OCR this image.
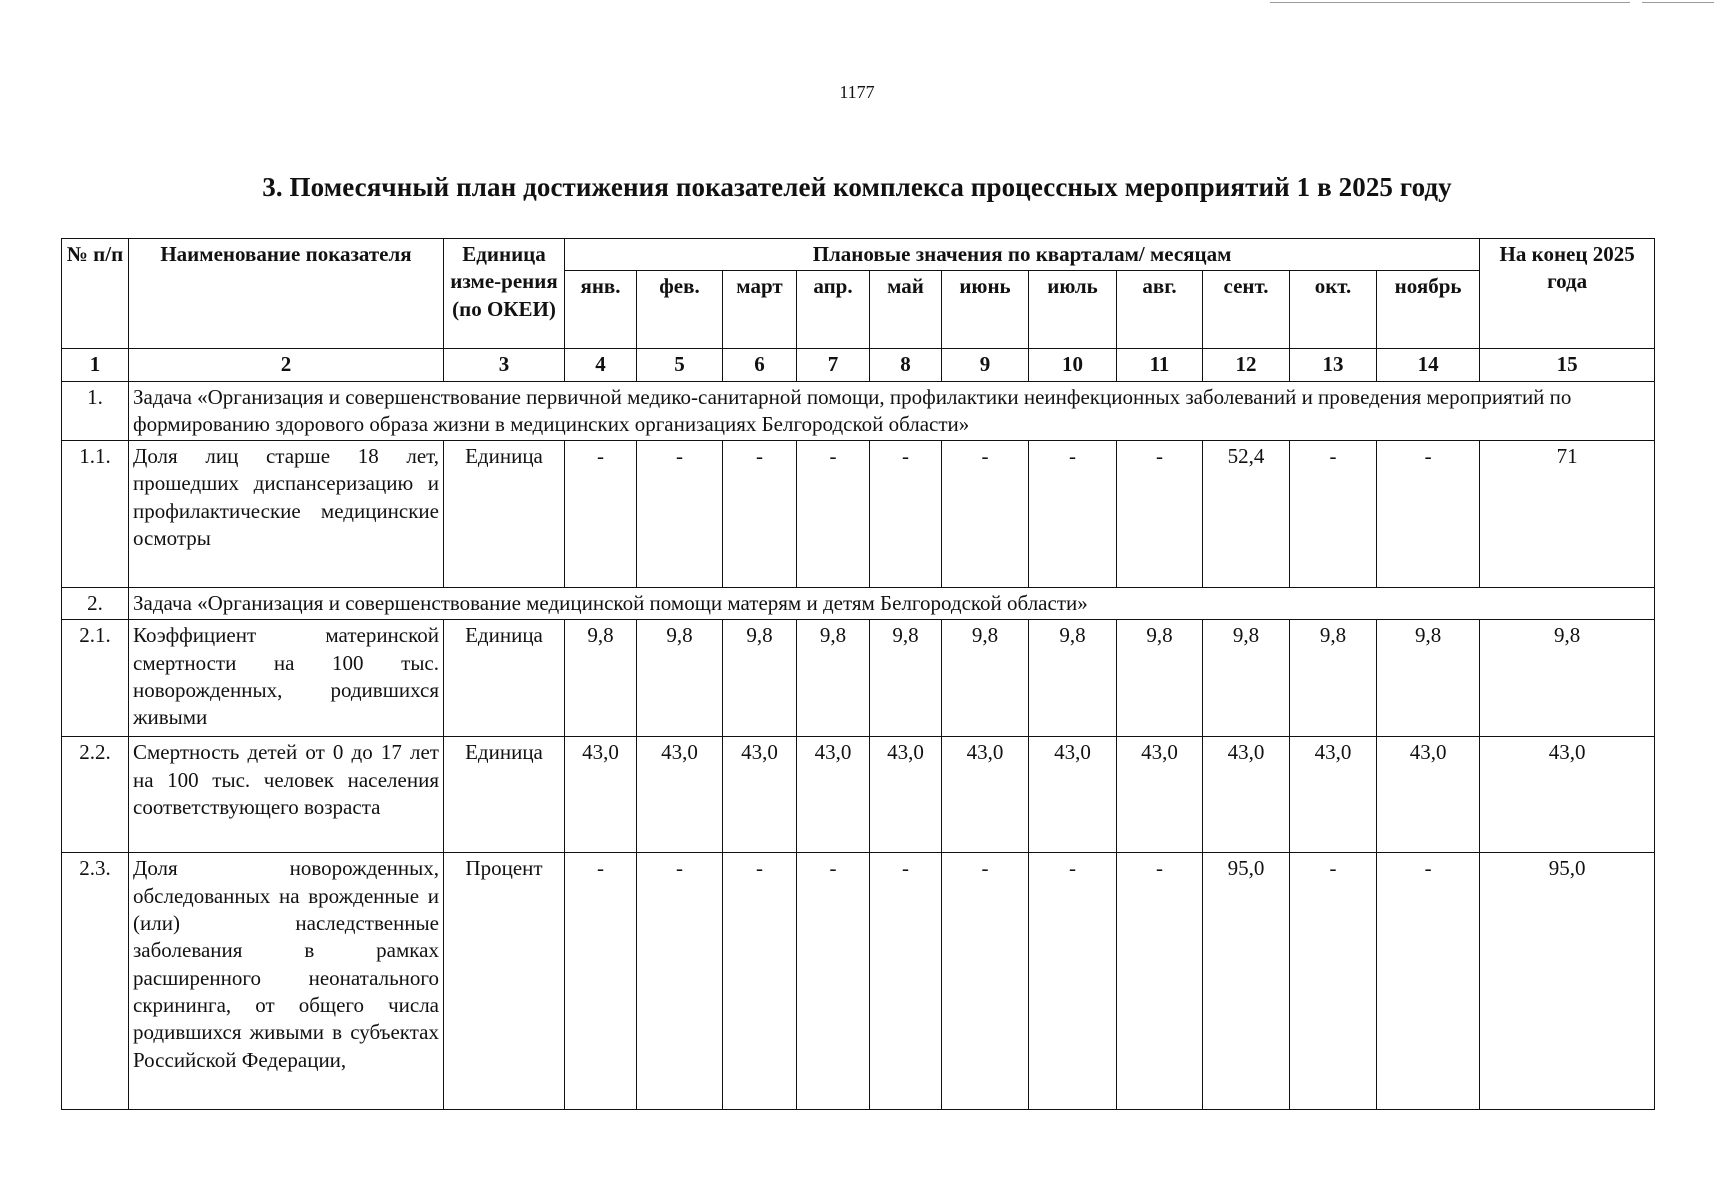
1177
3. Помесячный план достижения показателей комплекса процессных мероприятий 1 в 2025 году
№ п/п	Наименование показателя	Единица изме-рения (по ОКЕИ)	Плановые значения по кварталам/ месяцам											На конец 2025 года
			янв.	фев.	март	апр.	май	июнь	июль	авг.	сент.	окт.	ноябрь	
1	2	3	4	5	6	7	8	9	10	11	12	13	14	15
1.	Задача «Организация и совершенствование первичной медико-санитарной помощи, профилактики неинфекционных заболеваний и проведения мероприятий по формированию здорового образа жизни в медицинских организациях Белгородской области»													
1.1.	Доля лиц старше 18 лет, прошедших диспансеризацию и профилактические медицинские осмотры	Единица	-	-	-	-	-	-	-	-	52,4	-	-	71
2.	Задача «Организация и совершенствование медицинской помощи матерям и детям Белгородской области»													
2.1.	Коэффициент материнской смертности на 100 тыс. новорожденных, родившихся живыми	Единица	9,8	9,8	9,8	9,8	9,8	9,8	9,8	9,8	9,8	9,8	9,8	9,8
2.2.	Смертность детей от 0 до 17 лет на 100 тыс. человек населения соответствующего возраста	Единица	43,0	43,0	43,0	43,0	43,0	43,0	43,0	43,0	43,0	43,0	43,0	43,0
2.3.	Доля новорожденных, обследованных на врожденные и (или) наследственные заболевания в рамках расширенного неонатального скрининга, от общего числа родившихся живыми в субъектах Российской Федерации,	Процент	-	-	-	-	-	-	-	-	95,0	-	-	95,0
